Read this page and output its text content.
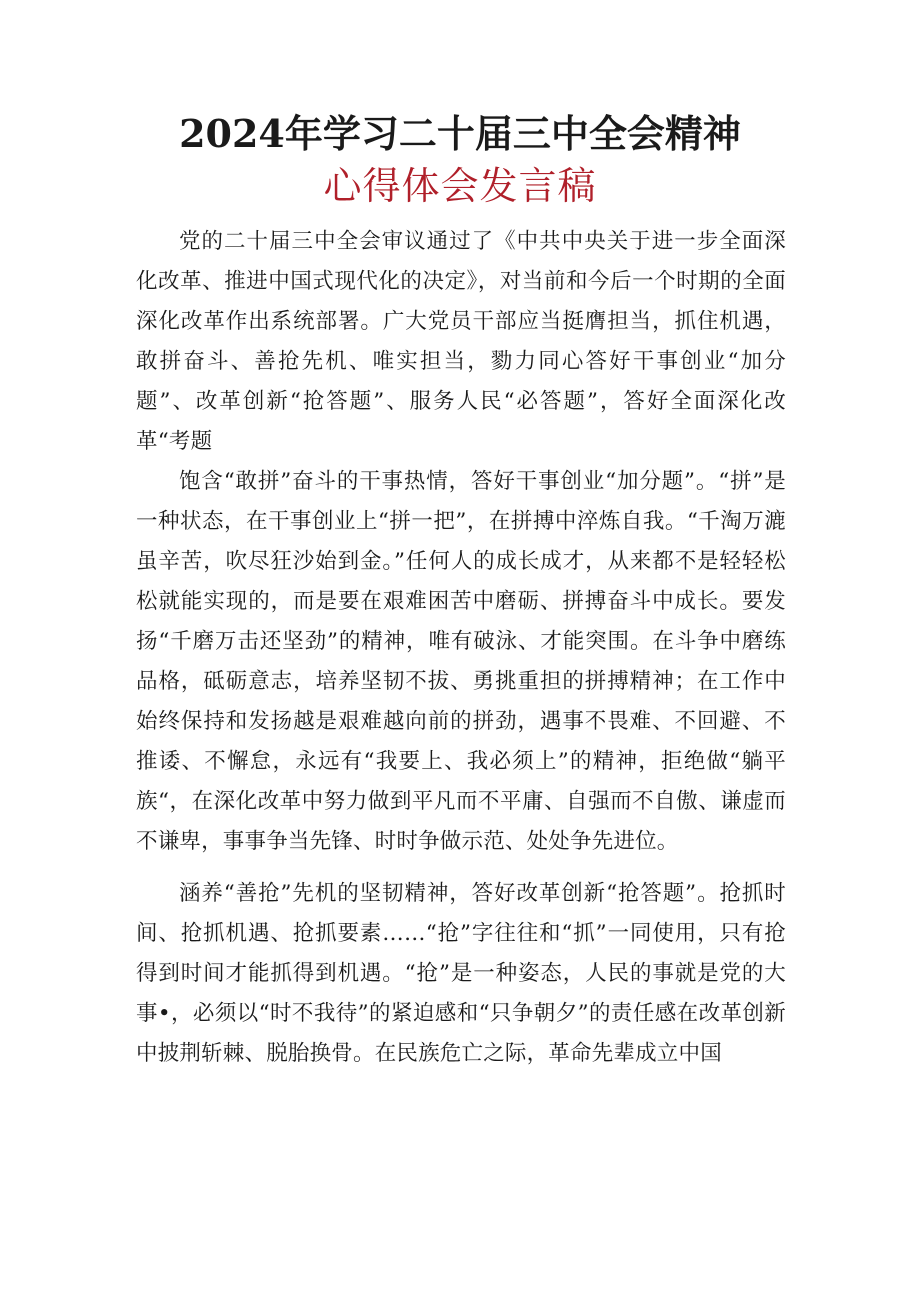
2024年学习二十届三中全会精神
心得体会发言稿

党的二十届三中全会审议通过了《中共中央关于进一步全面深化改革、推进中国式现代化的决定》，对当前和今后一个时期的全面深化改革作出系统部署。广大党员干部应当挺膺担当，抓住机遇，敢拼奋斗、善抢先机、唯实担当，勠力同心答好干事创业“加分题”、改革创新“抢答题”、服务人民“必答题”，答好全面深化改革“考题

饱含“敢拼”奋斗的干事热情，答好干事创业“加分题”。“拼”是一种状态，在干事创业上“拼一把”，在拼搏中淬炼自我。“千淘万漉虽辛苦，吹尽狂沙始到金。”任何人的成长成才，从来都不是轻轻松松就能实现的，而是要在艰难困苦中磨砺、拼搏奋斗中成长。要发扬“千磨万击还坚劲”的精神，唯有破泳、才能突围。在斗争中磨练品格，砥砺意志，培养坚韧不拔、勇挑重担的拼搏精神；在工作中始终保持和发扬越是艰难越向前的拼劲，遇事不畏难、不回避、不推诿、不懈怠，永远有“我要上、我必须上”的精神，拒绝做“躺平族“，在深化改革中努力做到平凡而不平庸、自强而不自傲、谦虚而不谦卑，事事争当先锋、时时争做示范、处处争先进位。

涵养“善抢”先机的坚韧精神，答好改革创新“抢答题”。抢抓时间、抢抓机遇、抢抓要素……“抢”字往往和“抓”一同使用，只有抢得到时间才能抓得到机遇。“抢”是一种姿态，人民的事就是党的大事•，必须以“时不我待”的紧迫感和“只争朝夕”的责任感在改革创新中披荆斩棘、脱胎换骨。在民族危亡之际，革命先辈成立中国
